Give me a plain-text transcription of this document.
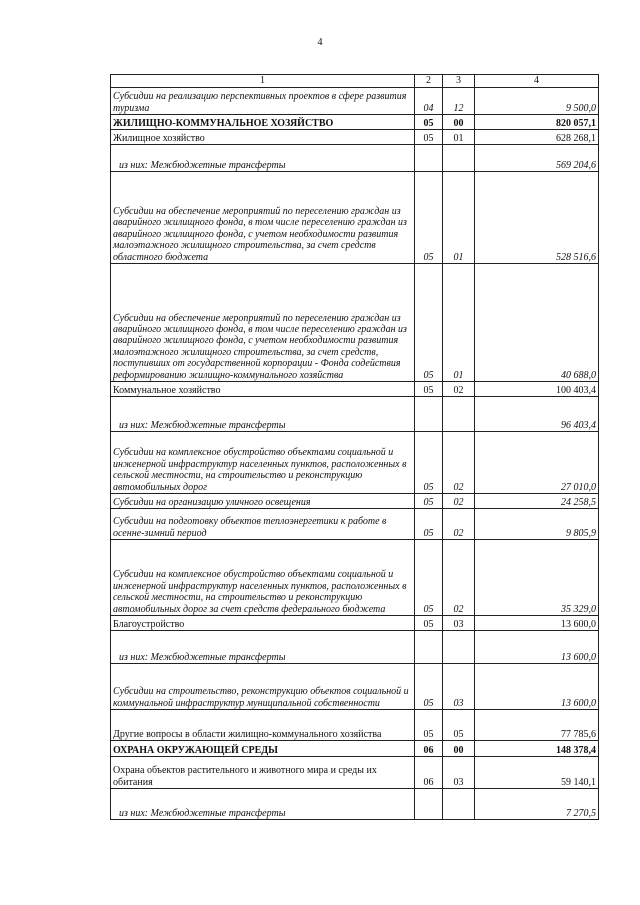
4
1	2	3	4
Субсидии на реализацию перспективных проектов в сфере развития туризма	04	12	9 500,0
ЖИЛИЩНО-КОММУНАЛЬНОЕ ХОЗЯЙСТВО	05	00	820 057,1
Жилищное хозяйство	05	01	628 268,1
из них: Межбюджетные трансферты			569 204,6
Субсидии на обеспечение мероприятий по переселению граждан из аварийного жилищного фонда, в том числе переселению граждан из аварийного жилищного фонда, с учетом необходимости развития малоэтажного жилищного строительства, за счет средств областного бюджета	05	01	528 516,6
Субсидии на обеспечение мероприятий по переселению граждан из аварийного жилищного фонда, в том числе переселению граждан из аварийного жилищного фонда, с учетом необходимости развития малоэтажного жилищного строительства, за счет средств, поступивших от государственной корпорации - Фонда содействия реформированию жилищно-коммунального хозяйства	05	01	40 688,0
Коммунальное хозяйство	05	02	100 403,4
из них: Межбюджетные трансферты			96 403,4
Субсидии на комплексное обустройство объектами социальной и инженерной инфраструктур населенных пунктов, расположенных в сельской местности, на строительство и реконструкцию автомобильных дорог	05	02	27 010,0
Субсидии на организацию уличного освещения	05	02	24 258,5
Субсидии на подготовку объектов теплоэнергетики к работе в осенне-зимний период	05	02	9 805,9
Субсидии на комплексное обустройство объектами социальной и инженерной инфраструктур населенных пунктов, расположенных в сельской местности, на строительство и реконструкцию автомобильных дорог за счет средств федерального бюджета	05	02	35 329,0
Благоустройство	05	03	13 600,0
из них: Межбюджетные трансферты			13 600,0
Субсидии на строительство, реконструкцию объектов социальной и коммунальной инфраструктур муниципальной собственности	05	03	13 600,0
Другие вопросы в области жилищно-коммунального хозяйства	05	05	77 785,6
ОХРАНА ОКРУЖАЮЩЕЙ СРЕДЫ	06	00	148 378,4
Охрана объектов растительного и животного мира и среды их обитания	06	03	59 140,1
из них: Межбюджетные трансферты			7 270,5
